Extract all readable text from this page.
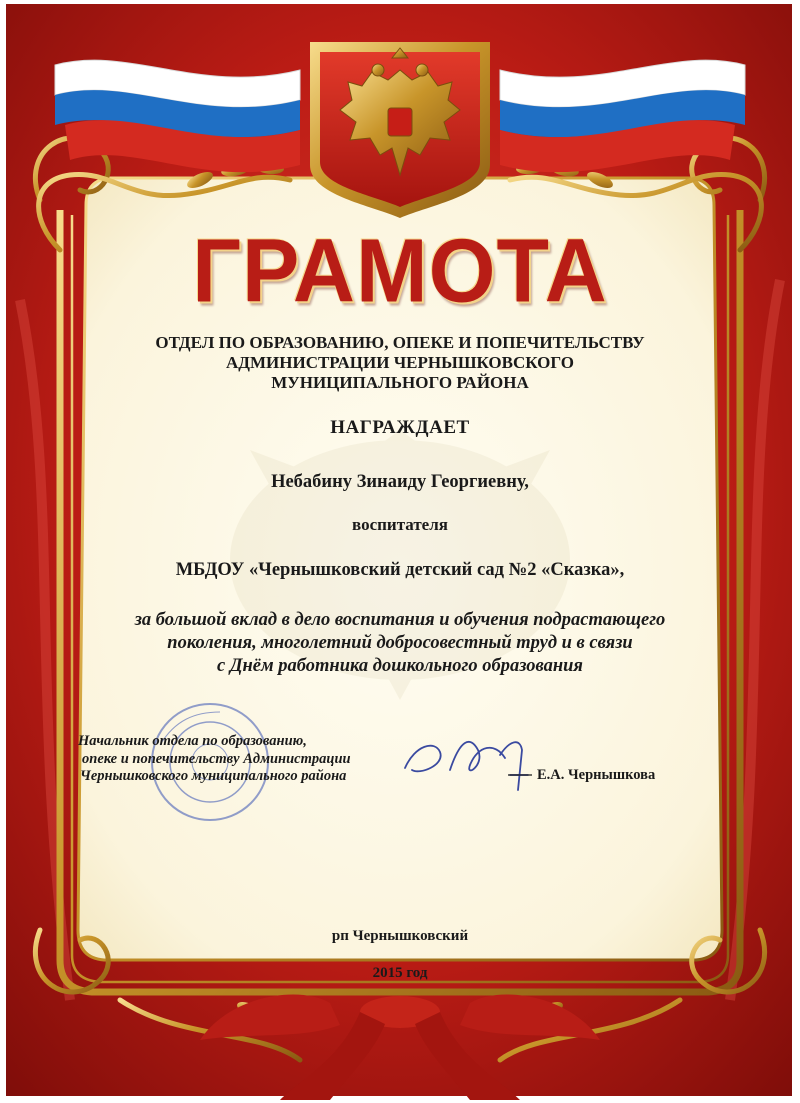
ГРАМОТА
ОТДЕЛ ПО ОБРАЗОВАНИЮ, ОПЕКЕ И ПОПЕЧИТЕЛЬСТВУ
АДМИНИСТРАЦИИ ЧЕРНЫШКОВСКОГО
МУНИЦИПАЛЬНОГО РАЙОНА
НАГРАЖДАЕТ
Небабину Зинаиду Георгиевну,
воспитателя
МБДОУ «Чернышковский детский сад №2 «Сказка»,
за большой вклад в дело воспитания и обучения подрастающего
поколения, многолетний добросовестный труд и в связи
с Днём работника дошкольного образования
Начальник отдела по образованию,
опеке и попечительству Администрации
Чернышковского муниципального района	Е.А. Чернышкова
рп Чернышковский
2015 год
